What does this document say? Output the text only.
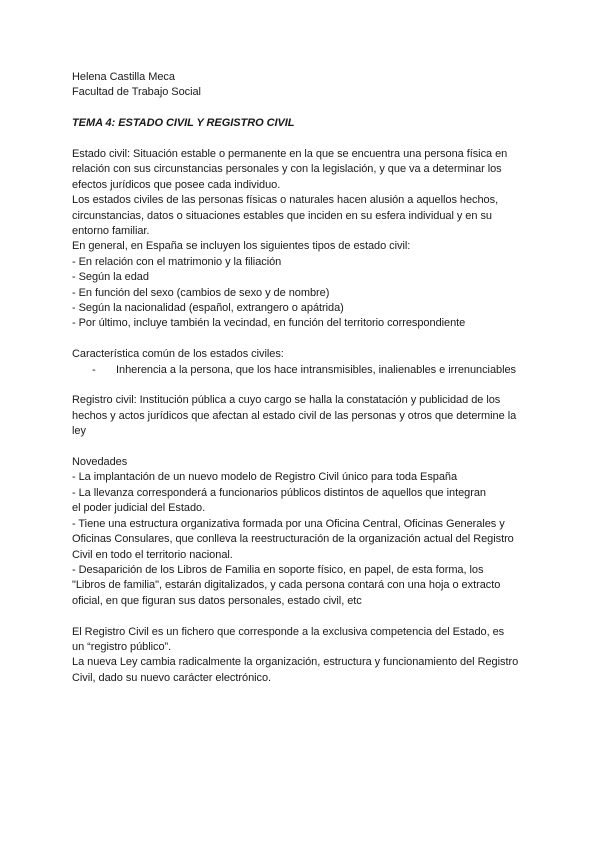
Helena Castilla Meca

Facultad de Trabajo Social

TEMA 4: ESTADO CIVIL Y REGISTRO CIVIL

Estado civil: Situación estable o permanente en la que se encuentra una persona física en

relación con sus circunstancias personales y con la legislación, y que va a determinar los

efectos jurídicos que posee cada individuo.

Los estados civiles de las personas físicas o naturales hacen alusión a aquellos hechos,

circunstancias, datos o situaciones estables que inciden en su esfera individual y en su

entorno familiar.

En general, en España se incluyen los siguientes tipos de estado civil:

- En relación con el matrimonio y la filiación

- Según la edad

- En función del sexo (cambios de sexo y de nombre)

- Según la nacionalidad (español, extrangero o apátrida)

- Por último, incluye también la vecindad, en función del territorio correspondiente

Característica común de los estados civiles:

-	Inherencia a la persona, que los hace intransmisibles, inalienables e irrenunciables

Registro civil: Institución pública a cuyo cargo se halla la constatación y publicidad de los

hechos y actos jurídicos que afectan al estado civil de las personas y otros que determine la

ley

Novedades

- La implantación de un nuevo modelo de Registro Civil único para toda España

- La llevanza corresponderá a funcionarios públicos distintos de aquellos que integran

el poder judicial del Estado.

- Tiene una estructura organizativa formada por una Oficina Central, Oficinas Generales y

Oficinas Consulares, que conlleva la reestructuración de la organización actual del Registro

Civil en todo el territorio nacional.

- Desaparición de los Libros de Familia en soporte físico, en papel, de esta forma, los

"Libros de familia", estarán digitalizados, y cada persona contará con una hoja o extracto

oficial, en que figuran sus datos personales, estado civil, etc

El Registro Civil es un fichero que corresponde a la exclusiva competencia del Estado, es

un “registro público”.

La nueva Ley cambia radicalmente la organización, estructura y funcionamiento del Registro

Civil, dado su nuevo carácter electrónico.
